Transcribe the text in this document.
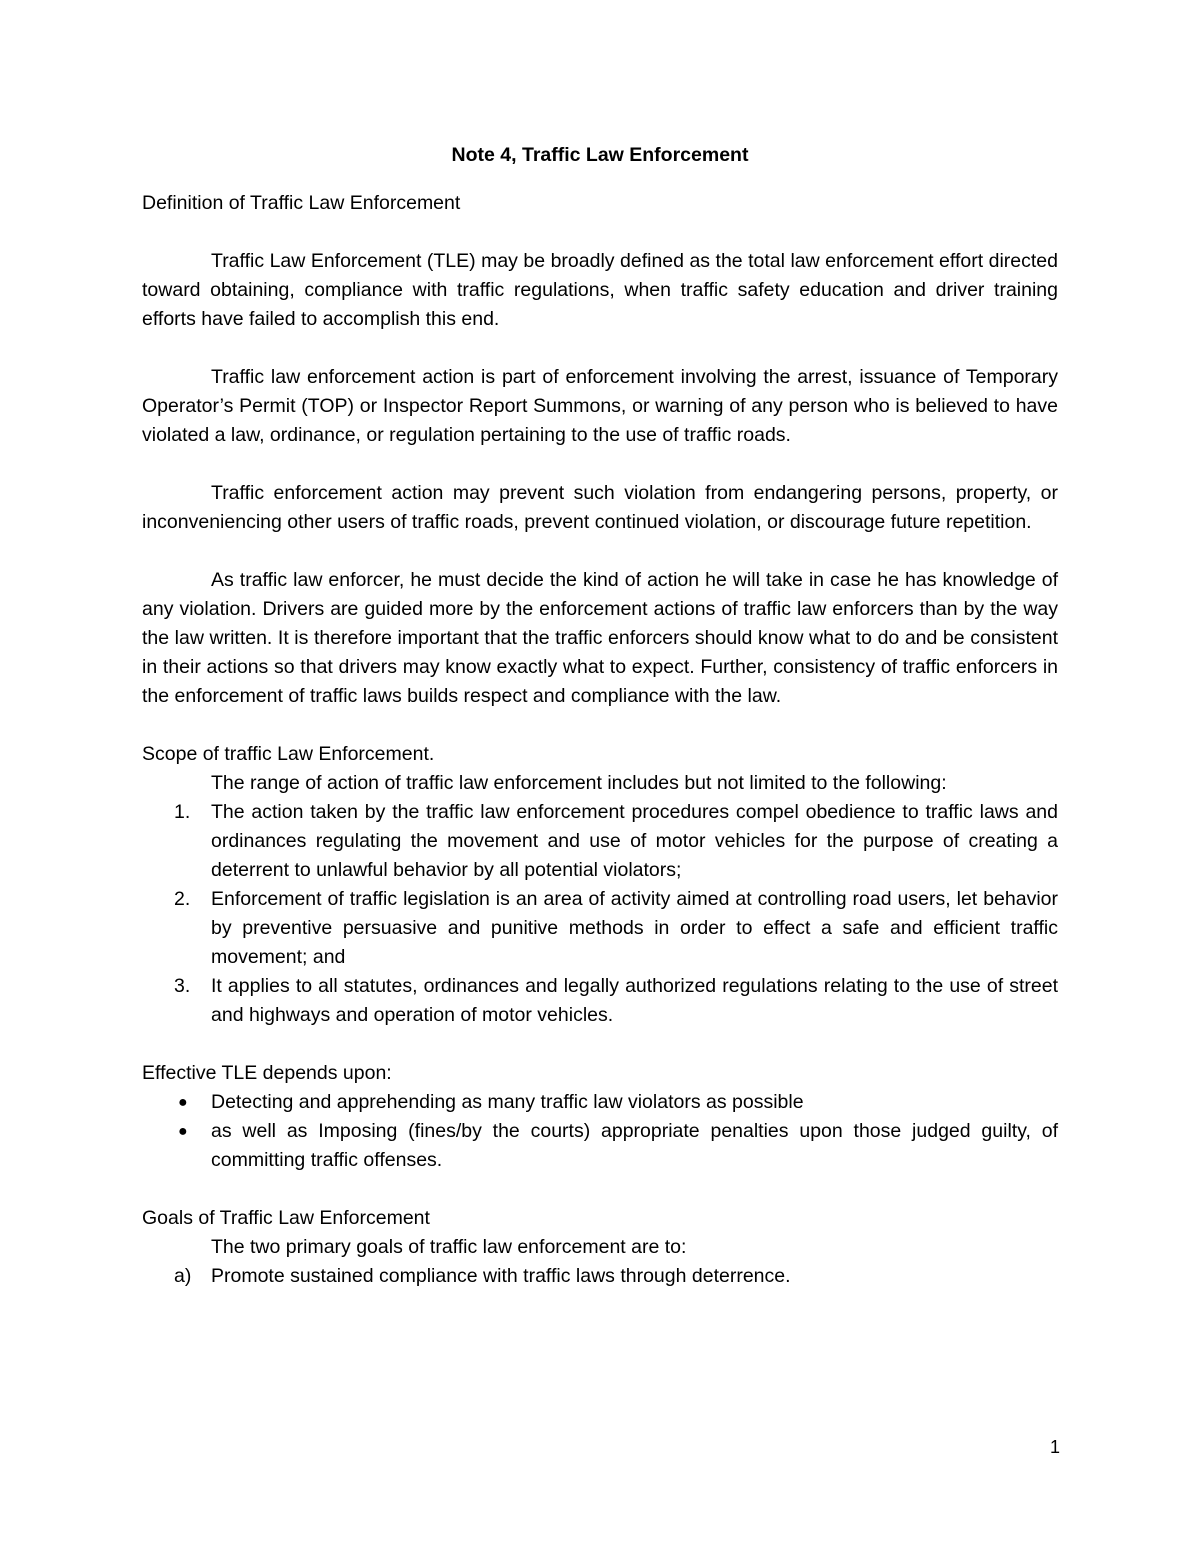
Note 4, Traffic Law Enforcement

Definition of Traffic Law Enforcement

Traffic Law Enforcement (TLE) may be broadly defined as the total law enforcement effort directed toward obtaining, compliance with traffic regulations, when traffic safety education and driver training efforts have failed to accomplish this end.

Traffic law enforcement action is part of enforcement involving the arrest, issuance of Temporary Operator’s Permit (TOP) or Inspector Report Summons, or warning of any person who is believed to have violated a law, ordinance, or regulation pertaining to the use of traffic roads.

Traffic enforcement action may prevent such violation from endangering persons, property, or inconveniencing other users of traffic roads, prevent continued violation, or discourage future repetition.

As traffic law enforcer, he must decide the kind of action he will take in case he has knowledge of any violation. Drivers are guided more by the enforcement actions of traffic law enforcers than by the way the law written. It is therefore important that the traffic enforcers should know what to do and be consistent in their actions so that drivers may know exactly what to expect. Further, consistency of traffic enforcers in the enforcement of traffic laws builds respect and compliance with the law.

Scope of traffic Law Enforcement.

The range of action of traffic law enforcement includes but not limited to the following:

1. The action taken by the traffic law enforcement procedures compel obedience to traffic laws and ordinances regulating the movement and use of motor vehicles for the purpose of creating a deterrent to unlawful behavior by all potential violators;
2. Enforcement of traffic legislation is an area of activity aimed at controlling road users, let behavior by preventive persuasive and punitive methods in order to effect a safe and efficient traffic movement; and
3. It applies to all statutes, ordinances and legally authorized regulations relating to the use of street and highways and operation of motor vehicles.

Effective TLE depends upon:

● Detecting and apprehending as many traffic law violators as possible
● as well as Imposing (fines/by the courts) appropriate penalties upon those judged guilty, of committing traffic offenses.

Goals of Traffic Law Enforcement

The two primary goals of traffic law enforcement are to:

a) Promote sustained compliance with traffic laws through deterrence.
1
